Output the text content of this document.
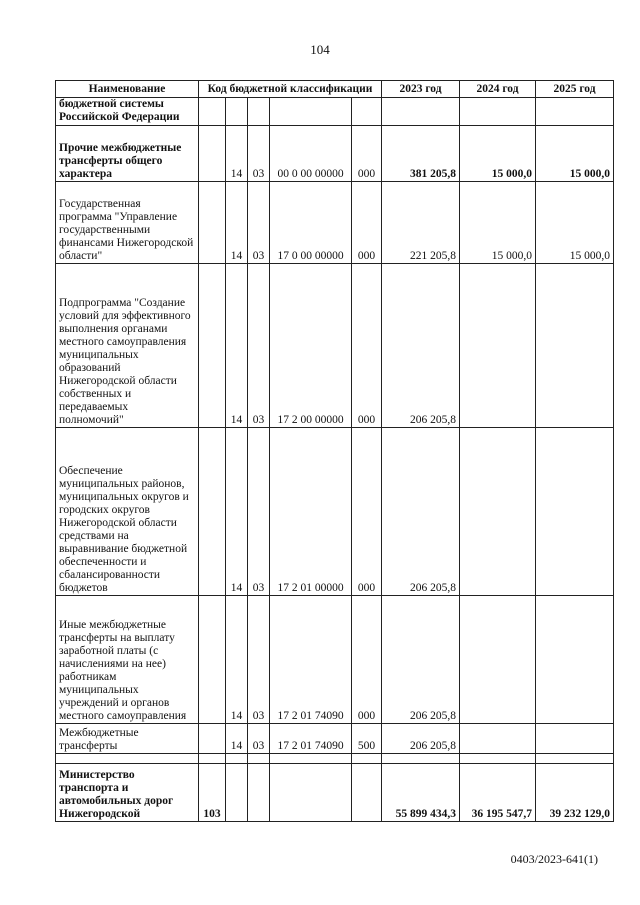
104
Наименование	Код бюджетной классификации					2023 год	2024 год	2025 год
бюджетной системы Российской Федерации								
Прочие межбюджетные трансферты общего характера		14	03	00 0 00 00000	000	381 205,8	15 000,0	15 000,0
Государственная программа "Управление государственными финансами Нижегородской области"		14	03	17 0 00 00000	000	221 205,8	15 000,0	15 000,0
Подпрограмма "Создание условий для эффективного выполнения органами местного самоуправления муниципальных образований Нижегородской области собственных и передаваемых полномочий"		14	03	17 2 00 00000	000	206 205,8		
Обеспечение муниципальных районов, муниципальных округов и городских округов Нижегородской области средствами на выравнивание бюджетной обеспеченности и сбалансированности бюджетов		14	03	17 2 01 00000	000	206 205,8		
Иные межбюджетные трансферты на выплату заработной платы (с начислениями на нее) работникам муниципальных учреждений и органов местного самоуправления		14	03	17 2 01 74090	000	206 205,8		
Межбюджетные трансферты		14	03	17 2 01 74090	500	206 205,8		

Министерство транспорта и автомобильных дорог Нижегородской	103					55 899 434,3	36 195 547,7	39 232 129,0
0403/2023-641(1)
